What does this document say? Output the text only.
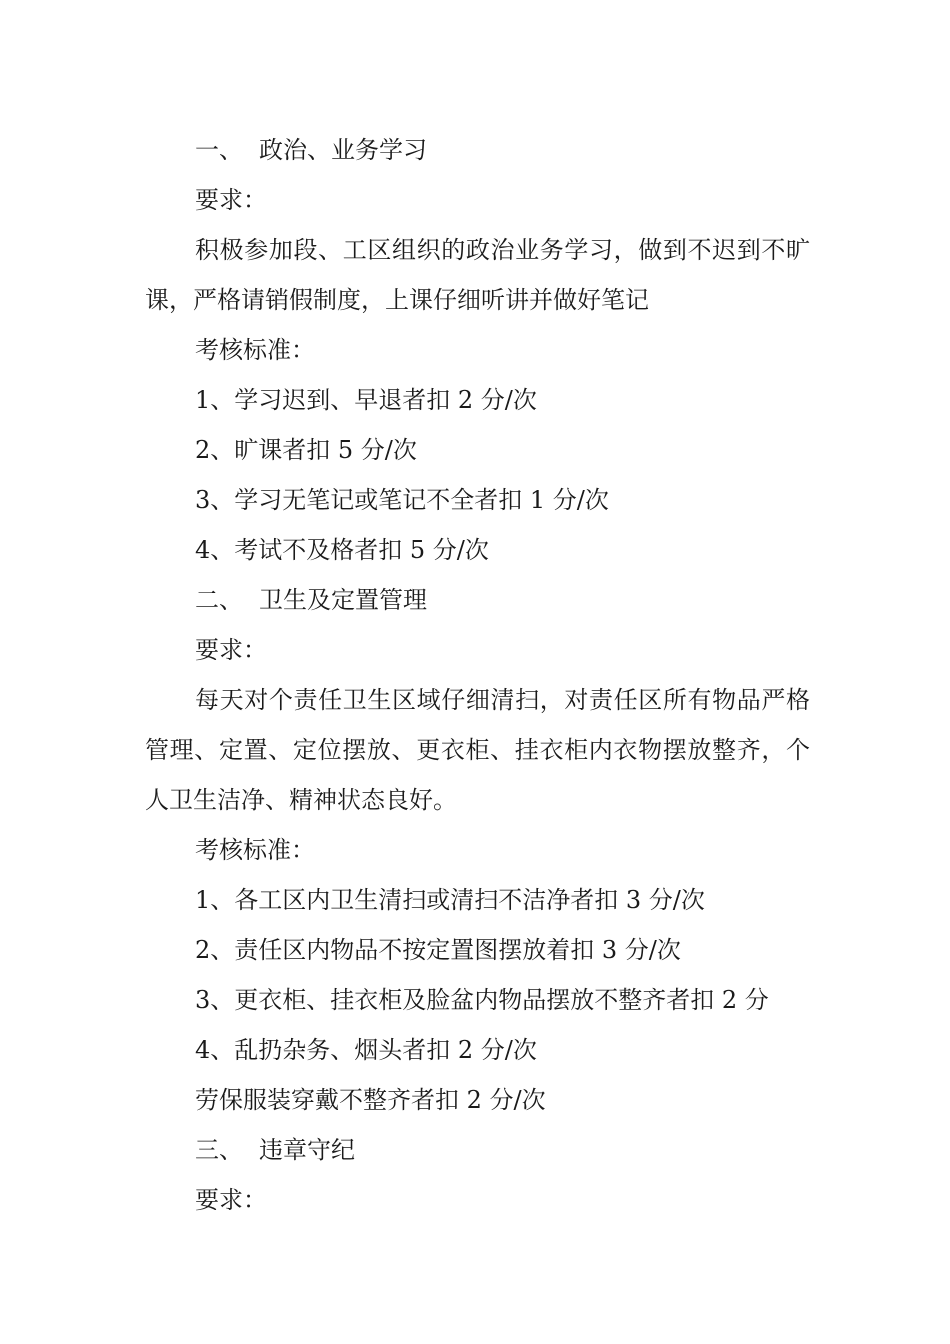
一、 政治、业务学习
要求：

积极参加段、工区组织的政治业务学习，做到不迟到不旷课，严格请销假制度，上课仔细听讲并做好笔记

考核标准：
1、学习迟到、早退者扣 2 分/次
2、旷课者扣 5 分/次
3、学习无笔记或笔记不全者扣 1 分/次
4、考试不及格者扣 5 分/次
二、 卫生及定置管理
要求：

每天对个责任卫生区域仔细清扫，对责任区所有物品严格管理、定置、定位摆放、更衣柜、挂衣柜内衣物摆放整齐，个人卫生洁净、精神状态良好。

考核标准：
1、各工区内卫生清扫或清扫不洁净者扣 3 分/次
2、责任区内物品不按定置图摆放着扣 3 分/次
3、更衣柜、挂衣柜及脸盆内物品摆放不整齐者扣 2 分
4、乱扔杂务、烟头者扣 2 分/次
劳保服装穿戴不整齐者扣 2 分/次
三、 违章守纪
要求：
